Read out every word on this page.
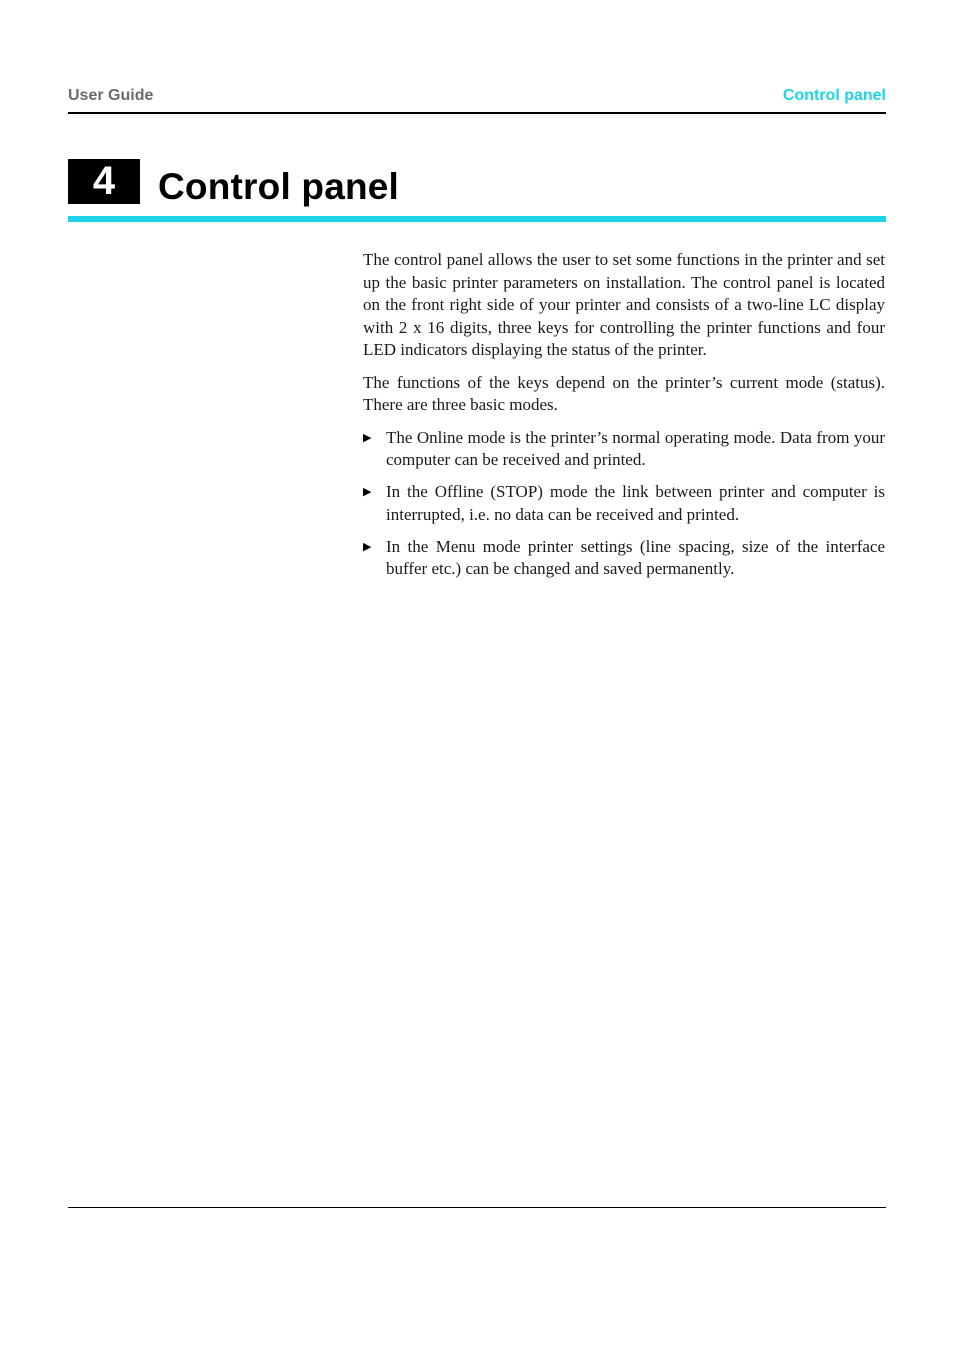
User Guide	Control panel
4	Control panel

The control panel allows the user to set some functions in the printer and set up the basic printer parameters on installation. The control panel is located on the front right side of your printer and consists of a two-line LC display with 2 x 16 digits, three keys for controlling the printer functions and four LED indicators displaying the status of the printer.

The functions of the keys depend on the printer’s current mode (status). There are three basic modes.

▶ The Online mode is the printer’s normal operating mode. Data from your computer can be received and printed.
▶ In the Offline (STOP) mode the link between printer and computer is interrupted, i.e. no data can be received and printed.
▶ In the Menu mode printer settings (line spacing, size of the interface buffer etc.) can be changed and saved permanently.
